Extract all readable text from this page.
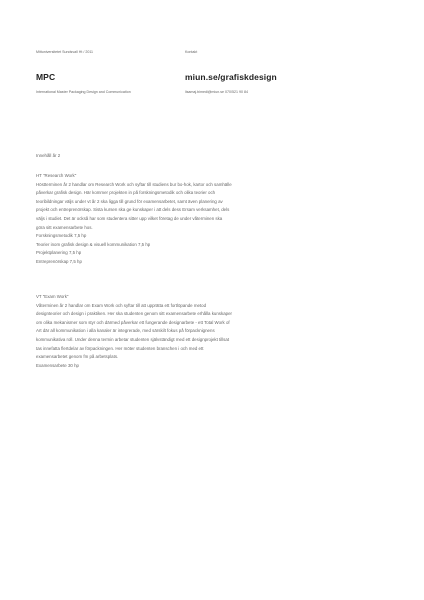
Mittuniversitetet Sundsvall Ht / 2011	Kontakt
MPC	miun.se/grafiskdesign
International Master Packaging Design and Communication	lisamaj.bimedi@miun.se 070/521 90 84
Innehåll år 2

HT "Research Work"

Höstterminen år 2 handlar om Research Work och syftar till studiens bur bo-hok, kartor och samhälle

påverkar grafisk design. Här kommer projekten in på forskningsmetodik och olika teorier och

teoribildningar väljs under vt år 2 ska ligga till grund för examensarbetet, samt även planering av

projekt och entreprenörskap. Sista kursen ska ge kunskaper i att dels dess Ersam verksamhet, dels

väljs i studiet. Det är också har som studentera sitter upp vilket företag de under våterminen ska

göra sitt examensarbete hos.

Forskningsmetodik 7,5 hp

Teorier inom grafisk design & visuell kommunikation 7,5 hp

Projektplanering 7,5 hp

Entreprenörskap 7,5 hp

VT "Exam Work"

Våterminen år 2 handlar om Exam Work och syftar till att upprätta ett fortlöpande metod

designteorier och design i praktiken. Her ska studenten genom sitt examensarbete erhålla kunskaper

om olika mekanismer som styr och därmed påverkar ett fungerande designarbete - ett Total Work of

Art där all kommunikation i alla kanaler är integrerade, med särskilt fokus på förpacknignens

kommunikativa roll. Under denna termin arbetar studenten självständigt med ett designprojekt tillsat

tas innefatta flertdelar av förpackningen. Her möter studenten branschen i och med ett

examensarbetet genom fm på arbetsplats.

Examensarbete 30 hp
